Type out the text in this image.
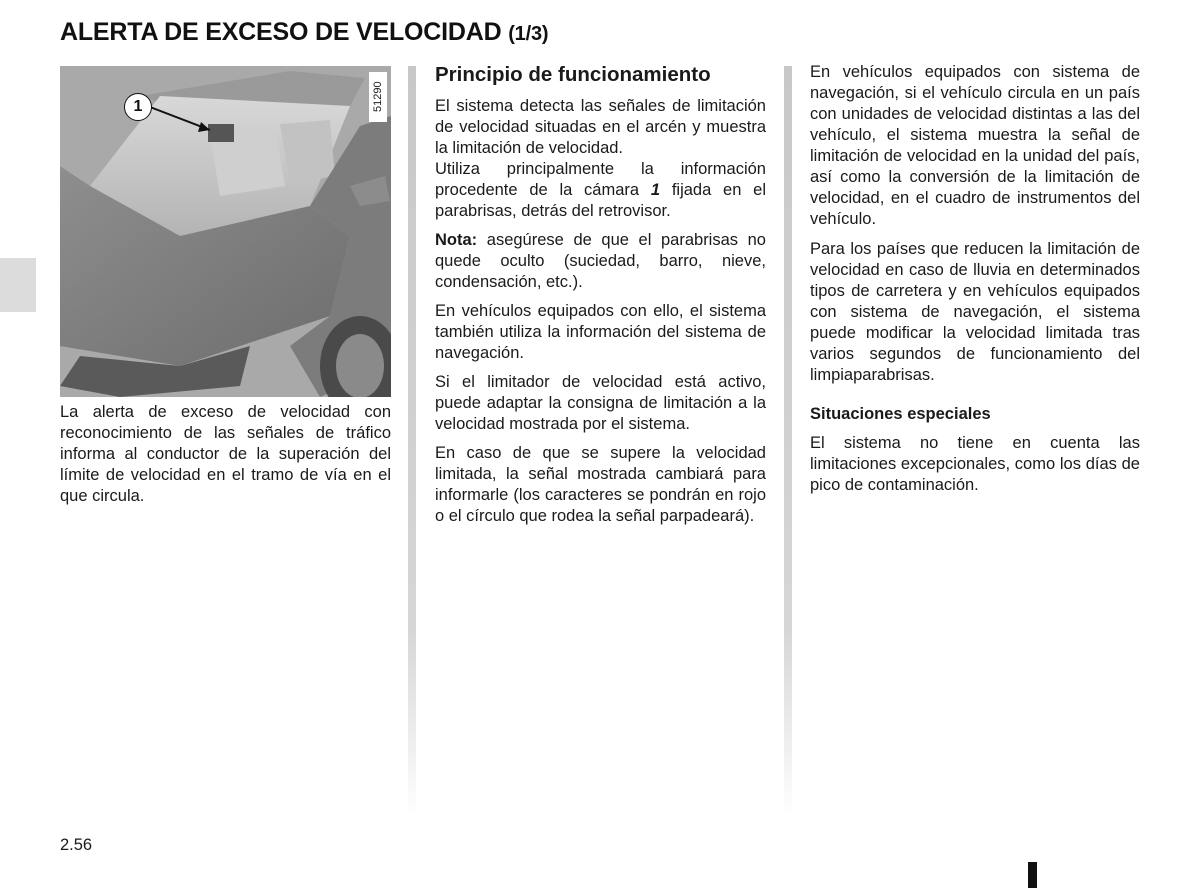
ALERTA DE EXCESO DE VELOCIDAD (1/3)
51290
1

La alerta de exceso de velocidad con reconocimiento de las señales de tráfico informa al conductor de la superación del límite de velocidad en el tramo de vía en el que circula.

Principio de funcionamiento

El sistema detecta las señales de limitación de velocidad situadas en el arcén y muestra la limitación de velocidad.
Utiliza principalmente la información procedente de la cámara 1 fijada en el parabrisas, detrás del retrovisor.

Nota: asegúrese de que el parabrisas no quede oculto (suciedad, barro, nieve, condensación, etc.).

En vehículos equipados con ello, el sistema también utiliza la información del sistema de navegación.

Si el limitador de velocidad está activo, puede adaptar la consigna de limitación a la velocidad mostrada por el sistema.

En caso de que se supere la velocidad limitada, la señal mostrada cambiará para informarle (los caracteres se pondrán en rojo o el círculo que rodea la señal parpadeará).

En vehículos equipados con sistema de navegación, si el vehículo circula en un país con unidades de velocidad distintas a las del vehículo, el sistema muestra la señal de limitación de velocidad en la unidad del país, así como la conversión de la limitación de velocidad, en el cuadro de instrumentos del vehículo.

Para los países que reducen la limitación de velocidad en caso de lluvia en determinados tipos de carretera y en vehículos equipados con sistema de navegación, el sistema puede modificar la velocidad limitada tras varios segundos de funcionamiento del limpiaparabrisas.

Situaciones especiales

El sistema no tiene en cuenta las limitaciones excepcionales, como los días de pico de contaminación.

2.56
